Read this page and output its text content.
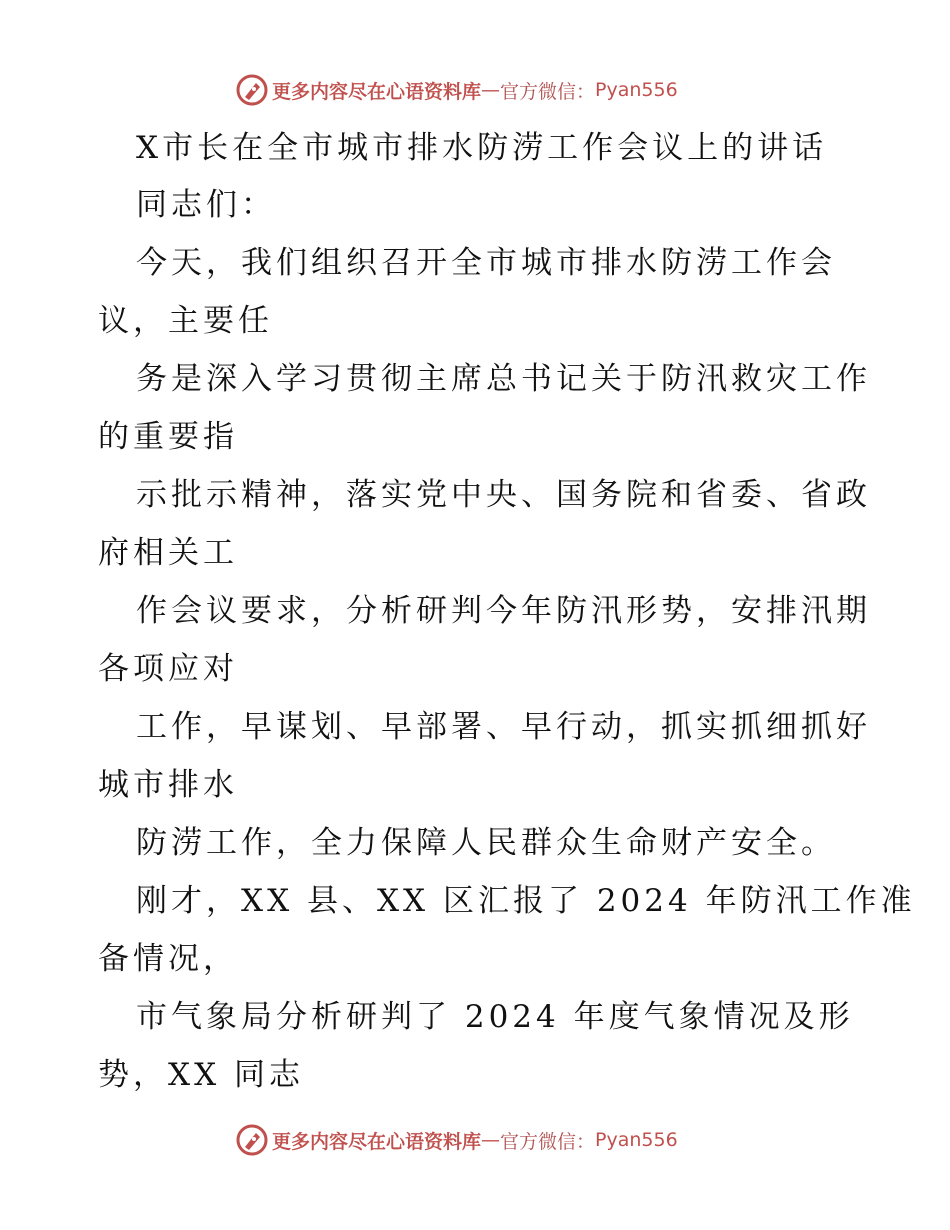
更多内容尽在心语资料库 — 官方微信： Pyan556
X市长在全市城市排水防涝工作会议上的讲话
同志们：
今天，我们组织召开全市城市排水防涝工作会
议，主要任
务是深入学习贯彻主席总书记关于防汛救灾工作
的重要指
示批示精神，落实党中央、国务院和省委、省政
府相关工
作会议要求，分析研判今年防汛形势，安排汛期
各项应对
工作，早谋划、早部署、早行动，抓实抓细抓好
城市排水
防涝工作，全力保障人民群众生命财产安全。
刚才，XX 县、XX 区汇报了 2024 年防汛工作准
备情况，
市气象局分析研判了 2024 年度气象情况及形
势，XX 同志
更多内容尽在心语资料库 — 官方微信： Pyan556
